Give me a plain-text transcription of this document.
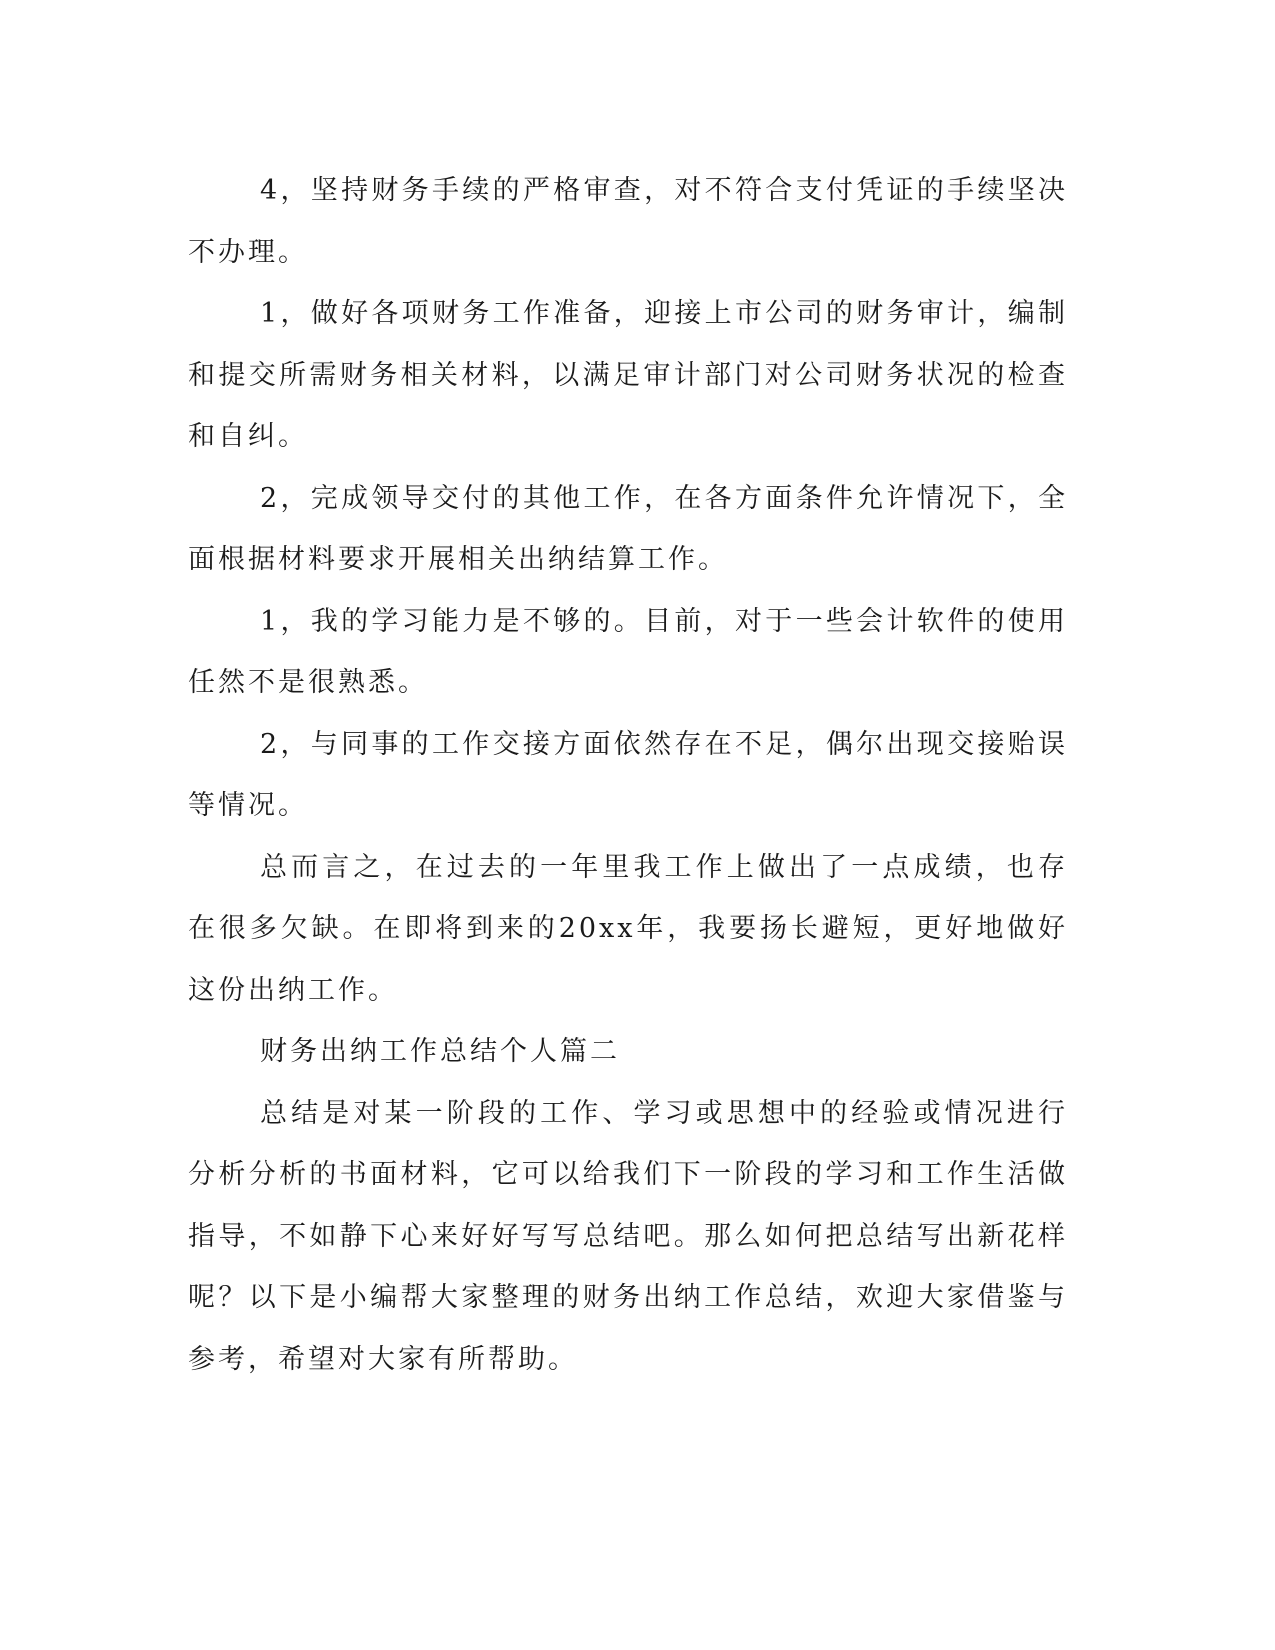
4，坚持财务手续的严格审查，对不符合支付凭证的手续坚决不办理。

1，做好各项财务工作准备，迎接上市公司的财务审计，编制和提交所需财务相关材料，以满足审计部门对公司财务状况的检查和自纠。

2，完成领导交付的其他工作，在各方面条件允许情况下，全面根据材料要求开展相关出纳结算工作。

1，我的学习能力是不够的。目前，对于一些会计软件的使用任然不是很熟悉。

2，与同事的工作交接方面依然存在不足，偶尔出现交接贻误等情况。

总而言之，在过去的一年里我工作上做出了一点成绩，也存在很多欠缺。在即将到来的20xx年，我要扬长避短，更好地做好这份出纳工作。

财务出纳工作总结个人篇二

总结是对某一阶段的工作、学习或思想中的经验或情况进行分析分析的书面材料，它可以给我们下一阶段的学习和工作生活做指导，不如静下心来好好写写总结吧。那么如何把总结写出新花样呢？以下是小编帮大家整理的财务出纳工作总结，欢迎大家借鉴与参考，希望对大家有所帮助。
